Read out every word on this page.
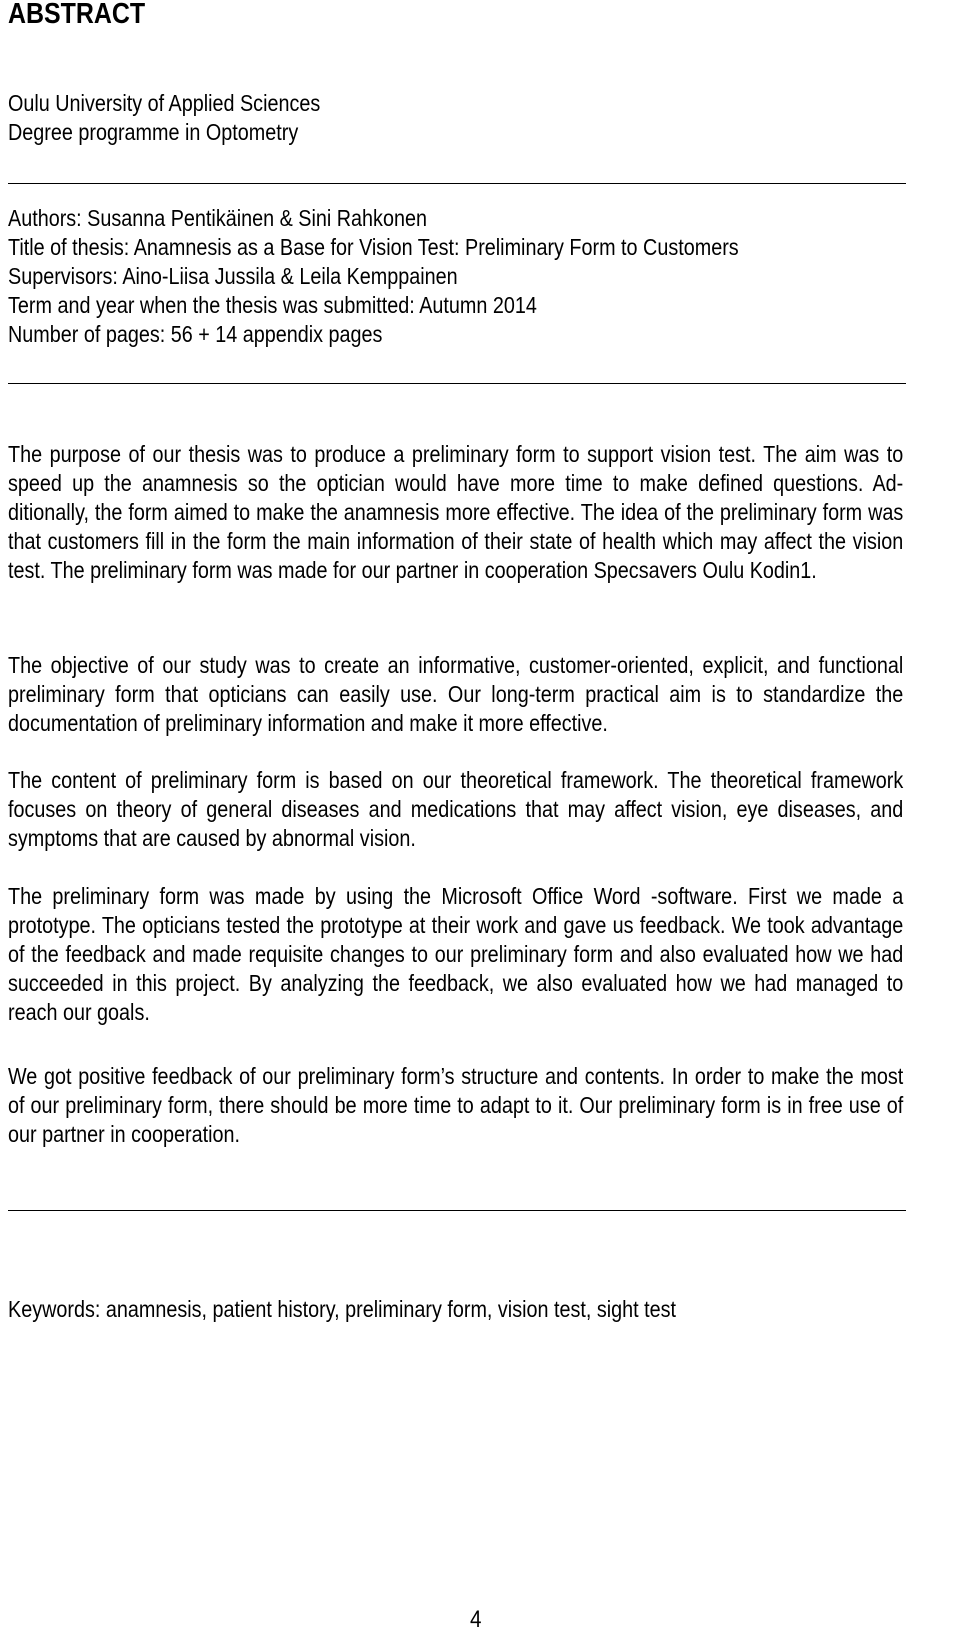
ABSTRACT
Oulu University of Applied Sciences
Degree programme in Optometry
Authors: Susanna Pentikäinen & Sini Rahkonen
Title of thesis: Anamnesis as a Base for Vision Test: Preliminary Form to Customers
Supervisors: Aino-Liisa Jussila & Leila Kemppainen
Term and year when the thesis was submitted: Autumn 2014
Number of pages: 56 + 14 appendix pages
The purpose of our thesis was to produce a preliminary form to support vision test. The aim was to speed up the anamnesis so the optician would have more time to make defined questions. Additionally, the form aimed to make the anamnesis more effective. The idea of the preliminary form was that customers fill in the form the main information of their state of health which may affect the vision test. The preliminary form was made for our partner in cooperation Specsavers Oulu Kodin1.
The objective of our study was to create an informative, customer-oriented, explicit, and functional preliminary form that opticians can easily use. Our long-term practical aim is to standardize the documentation of preliminary information and make it more effective.
The content of preliminary form is based on our theoretical framework. The theoretical framework focuses on theory of general diseases and medications that may affect vision, eye diseases, and symptoms that are caused by abnormal vision.
The preliminary form was made by using the Microsoft Office Word -software. First we made a prototype. The opticians tested the prototype at their work and gave us feedback. We took advantage of the feedback and made requisite changes to our preliminary form and also evaluated how we had succeeded in this project. By analyzing the feedback, we also evaluated how we had managed to reach our goals.
We got positive feedback of our preliminary form’s structure and contents. In order to make the most of our preliminary form, there should be more time to adapt to it. Our preliminary form is in free use of our partner in cooperation.
Keywords: anamnesis, patient history, preliminary form, vision test, sight test
4
